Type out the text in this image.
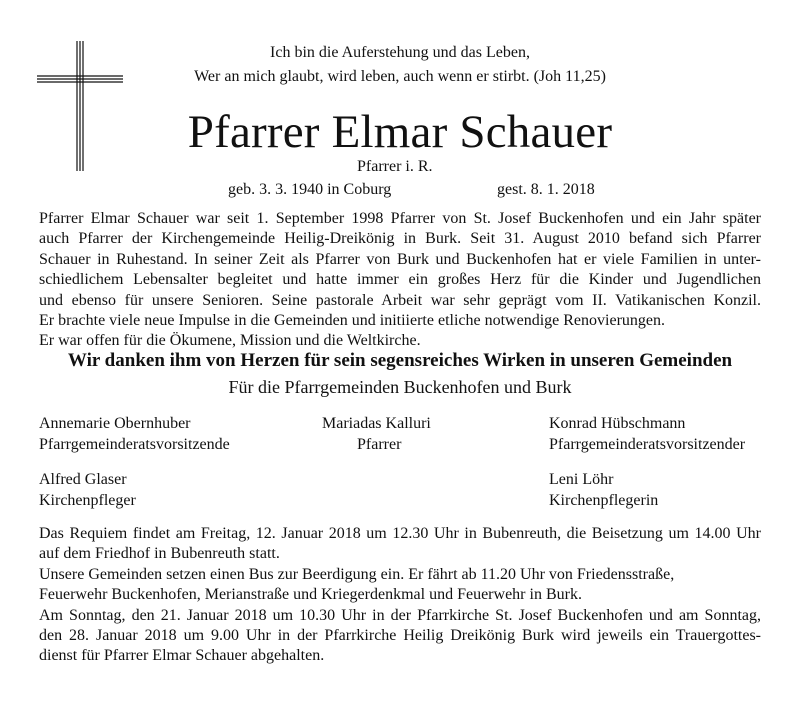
Ich bin die Auferstehung und das Leben,
Wer an mich glaubt, wird leben, auch wenn er stirbt. (Joh 11,25)
Pfarrer Elmar Schauer
Pfarrer i. R.
geb. 3. 3. 1940 in Coburg	gest. 8. 1. 2018
Pfarrer Elmar Schauer war seit 1. September 1998 Pfarrer von St. Josef Buckenhofen und ein Jahr später
auch Pfarrer der Kirchengemeinde Heilig-Dreikönig in Burk. Seit 31. August 2010 befand sich Pfarrer
Schauer in Ruhestand. In seiner Zeit als Pfarrer von Burk und Buckenhofen hat er viele Familien in unter-
schiedlichem Lebensalter begleitet und hatte immer ein großes Herz für die Kinder und Jugendlichen
und ebenso für unsere Senioren. Seine pastorale Arbeit war sehr geprägt vom II. Vatikanischen Konzil.
Er brachte viele neue Impulse in die Gemeinden und initiierte etliche notwendige Renovierungen.
Er war offen für die Ökumene, Mission und die Weltkirche.
Wir danken ihm von Herzen für sein segensreiches Wirken in unseren Gemeinden
Für die Pfarrgemeinden Buckenhofen und Burk
Annemarie Obernhuber
Pfarrgemeinderatsvorsitzende
Mariadas Kalluri
Pfarrer
Konrad Hübschmann
Pfarrgemeinderatsvorsitzender
Alfred Glaser
Kirchenpfleger
Leni Löhr
Kirchenpflegerin
Das Requiem findet am Freitag, 12. Januar 2018 um 12.30 Uhr in Bubenreuth, die Beisetzung um 14.00 Uhr
auf dem Friedhof in Bubenreuth statt.
Unsere Gemeinden setzen einen Bus zur Beerdigung ein. Er fährt ab 11.20 Uhr von Friedensstraße,
Feuerwehr Buckenhofen, Merianstraße und Kriegerdenkmal und Feuerwehr in Burk.
Am Sonntag, den 21. Januar 2018 um 10.30 Uhr in der Pfarrkirche St. Josef Buckenhofen und am Sonntag,
den 28. Januar 2018 um 9.00 Uhr in der Pfarrkirche Heilig Dreikönig Burk wird jeweils ein Trauergottes-
dienst für Pfarrer Elmar Schauer abgehalten.
